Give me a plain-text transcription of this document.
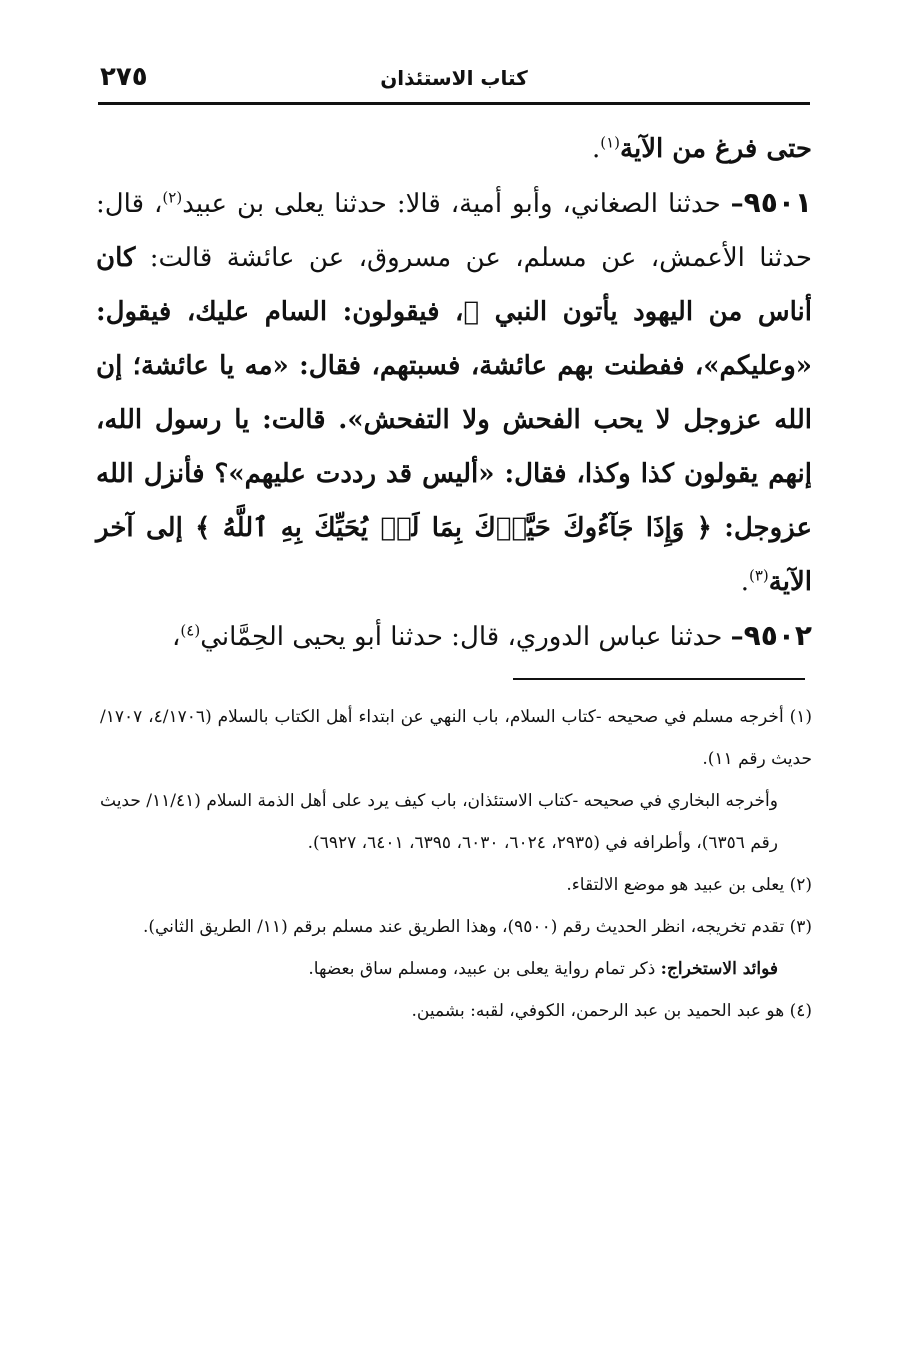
٢٧٥	كتاب الاستئذان

حتى فرغ من الآية$^{(١)}$.

٩٥٠١– حدثنا الصغاني، وأبو أمية، قالا: حدثنا يعلى بن عبيد$^{(٢)}$، قال: حدثنا الأعمش، عن مسلم، عن مسروق، عن عائشة قالت: كان أناس من اليهود يأتون النبي ﷺ، فيقولون: السام عليك، فيقول: «وعليكم»، ففطنت بهم عائشة، فسبتهم، فقال: «مه يا عائشة؛ إن الله عزوجل لا يحب الفحش ولا التفحش». قالت: يا رسول الله، إنهم يقولون كذا وكذا، فقال: «أليس قد رددت عليهم»؟ فأنزل الله عزوجل: ﴿ وَإِذَا جَآءُوكَ حَيَّوۡكَ بِمَا لَمۡ يُحَيِّكَ بِهِ ٱللَّهُ ﴾ إلى آخر الآية$^{(٣)}$.

٩٥٠٢– حدثنا عباس الدوري، قال: حدثنا أبو يحيى الحِمَّاني$^{(٤)}$،

(١) أخرجه مسلم في صحيحه -كتاب السلام، باب النهي عن ابتداء أهل الكتاب بالسلام (٤/١٧٠٦، ١٧٠٧/ حديث رقم ١١).

وأخرجه البخاري في صحيحه -كتاب الاستئذان، باب كيف يرد على أهل الذمة السلام (١١/٤١/ حديث رقم ٦٣٥٦)، وأطرافه في (٢٩٣٥، ٦٠٢٤، ٦٠٣٠، ٦٣٩٥، ٦٤٠١، ٦٩٢٧).

(٢) يعلى بن عبيد هو موضع الالتقاء.

(٣) تقدم تخريجه، انظر الحديث رقم (٩٥٠٠)، وهذا الطريق عند مسلم برقم (١١/ الطريق الثاني).

فوائد الاستخراج: ذكر تمام رواية يعلى بن عبيد، ومسلم ساق بعضها.

(٤) هو عبد الحميد بن عبد الرحمن، الكوفي، لقبه: بشمين.
